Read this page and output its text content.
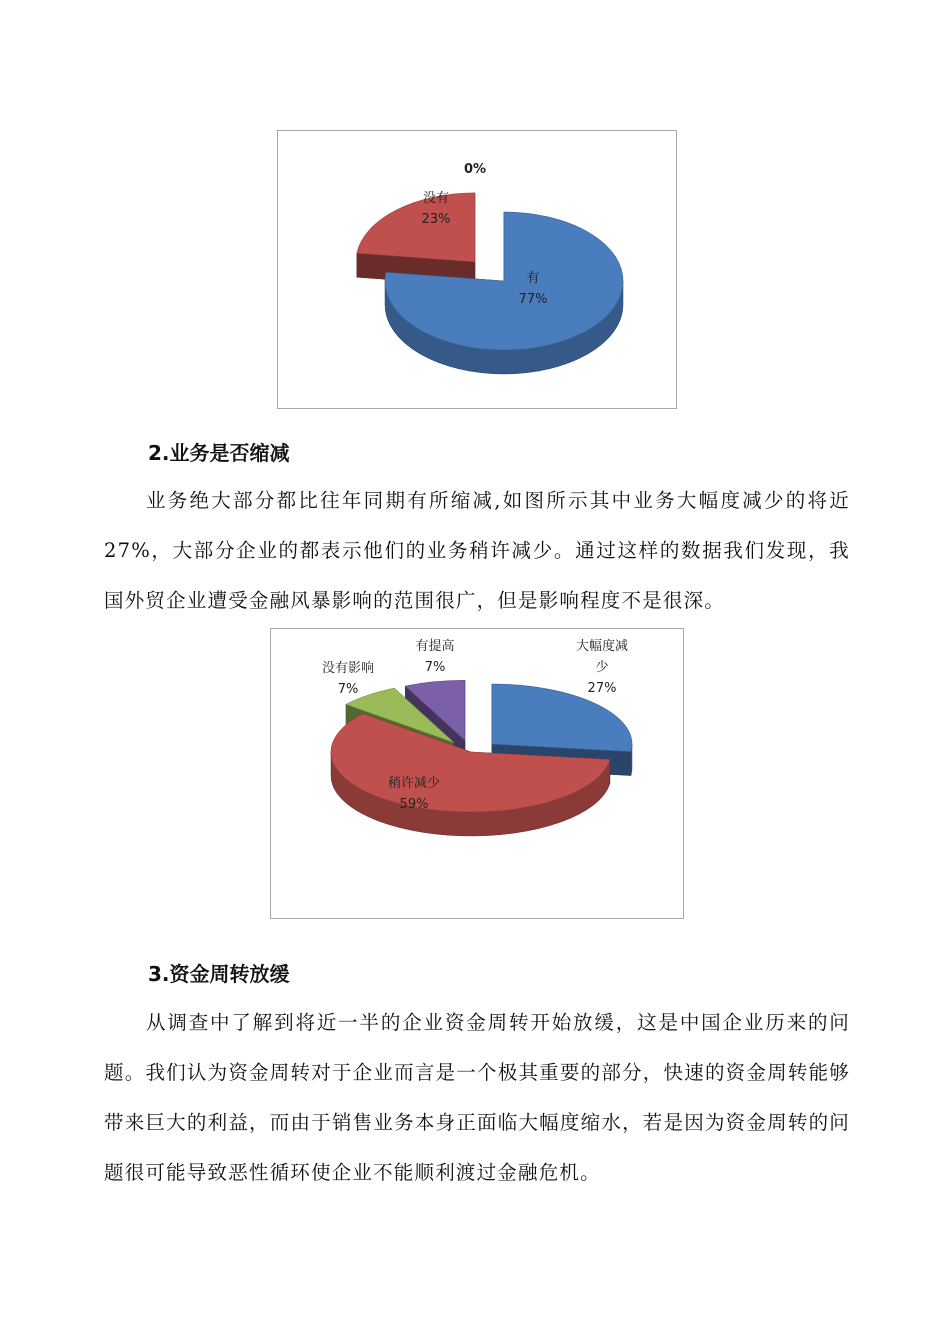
有
77%
没有
23%
0%
2.业务是否缩减

业务绝大部分都比往年同期有所缩减,如图所示其中业务大幅度减少的将近27%，大部分企业的都表示他们的业务稍许减少。通过这样的数据我们发现，我国外贸企业遭受金融风暴影响的范围很广，但是影响程度不是很深。

大幅度减
少
27%
稍许减少
59%
没有影响
7%
有提高
7%
3.资金周转放缓

从调查中了解到将近一半的企业资金周转开始放缓，这是中国企业历来的问题。我们认为资金周转对于企业而言是一个极其重要的部分，快速的资金周转能够带来巨大的利益，而由于销售业务本身正面临大幅度缩水，若是因为资金周转的问题很可能导致恶性循环使企业不能顺利渡过金融危机。
